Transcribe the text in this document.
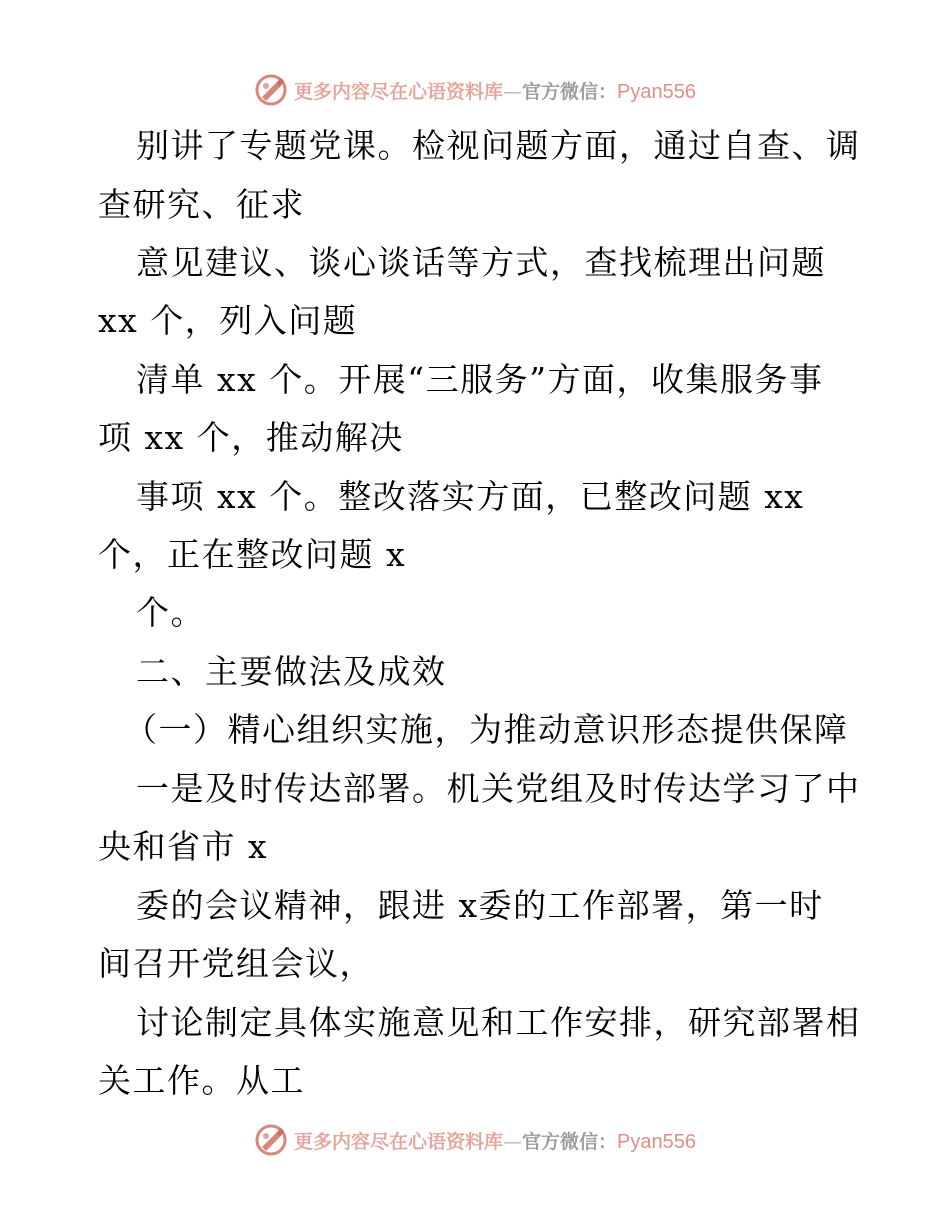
更多内容尽在心语资料库—官方微信：Pyan556
别讲了专题党课。检视问题方面，通过自查、调
查研究、征求
意见建议、谈心谈话等方式，查找梳理出问题
xx 个，列入问题
清单 xx 个。开展“三服务”方面，收集服务事
项 xx 个，推动解决
事项 xx 个。整改落实方面，已整改问题 xx
个，正在整改问题 x
个。
二、主要做法及成效
（一）精心组织实施，为推动意识形态提供保障
一是及时传达部署。机关党组及时传达学习了中
央和省市 x
委的会议精神，跟进 x委的工作部署，第一时
间召开党组会议，
讨论制定具体实施意见和工作安排，研究部署相
关工作。从工
更多内容尽在心语资料库—官方微信：Pyan556
